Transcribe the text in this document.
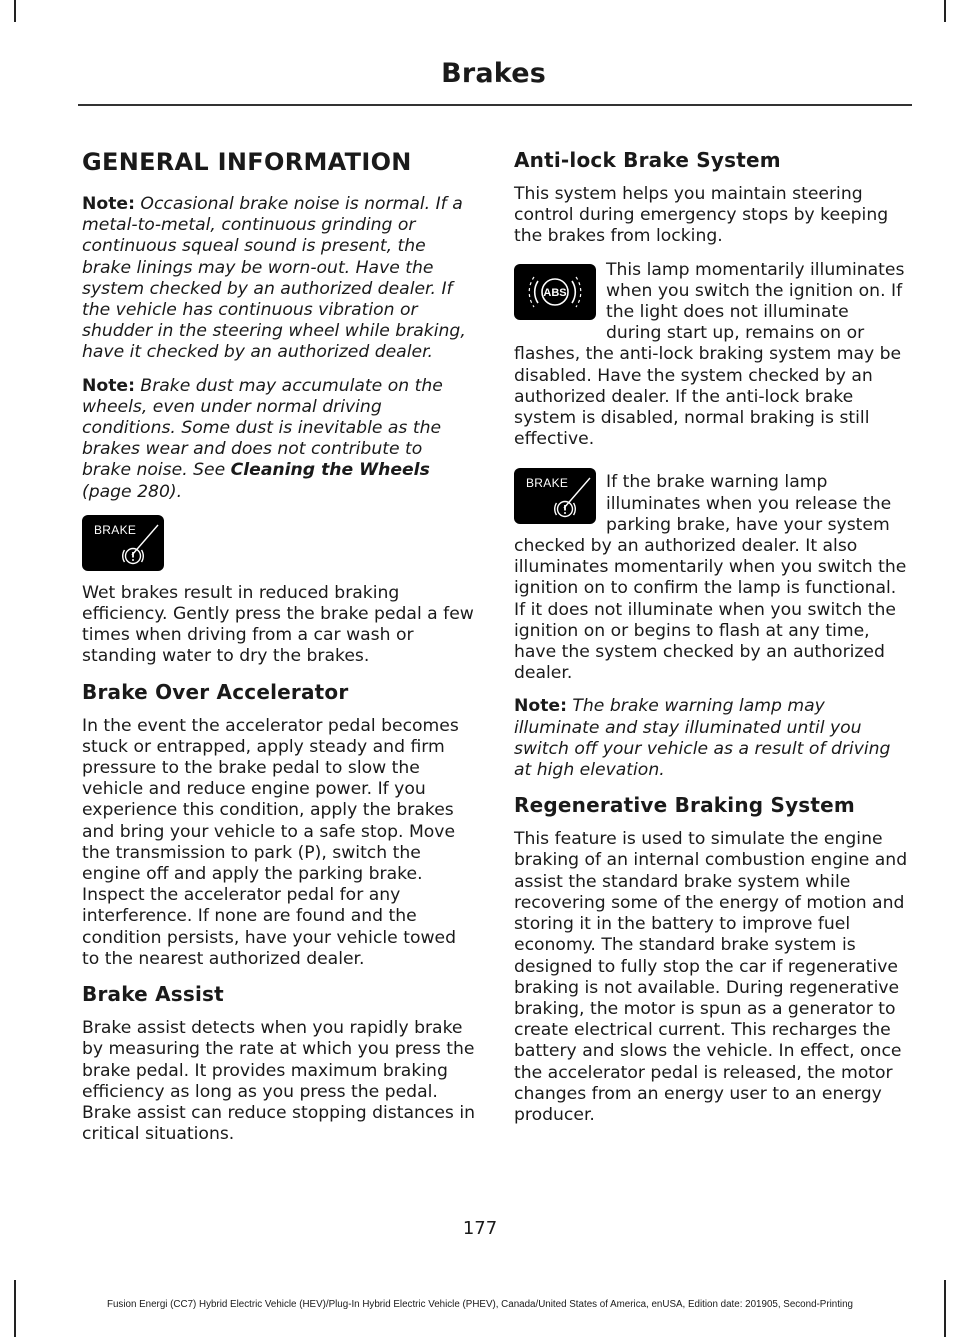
Brakes
GENERAL INFORMATION

Note: Occasional brake noise is normal. If a metal-to-metal, continuous grinding or continuous squeal sound is present, the brake linings may be worn-out. Have the system checked by an authorized dealer. If the vehicle has continuous vibration or shudder in the steering wheel while braking, have it checked by an authorized dealer.

Note: Brake dust may accumulate on the wheels, even under normal driving conditions. Some dust is inevitable as the brakes wear and does not contribute to brake noise. See Cleaning the Wheels (page 280).

BRAKE

Wet brakes result in reduced braking efficiency. Gently press the brake pedal a few times when driving from a car wash or standing water to dry the brakes.

Brake Over Accelerator

In the event the accelerator pedal becomes stuck or entrapped, apply steady and firm pressure to the brake pedal to slow the vehicle and reduce engine power. If you experience this condition, apply the brakes and bring your vehicle to a safe stop. Move the transmission to park (P), switch the engine off and apply the parking brake. Inspect the accelerator pedal for any interference. If none are found and the condition persists, have your vehicle towed to the nearest authorized dealer.

Brake Assist

Brake assist detects when you rapidly brake by measuring the rate at which you press the brake pedal. It provides maximum braking efficiency as long as you press the pedal. Brake assist can reduce stopping distances in critical situations.

Anti-lock Brake System

This system helps you maintain steering control during emergency stops by keeping the brakes from locking.

ABS

This lamp momentarily illuminates when you switch the ignition on. If the light does not illuminate during start up, remains on or flashes, the anti-lock braking system may be disabled. Have the system checked by an authorized dealer. If the anti-lock brake system is disabled, normal braking is still effective.

BRAKE	If the brake warning lamp illuminates when you release the parking brake, have your system checked by an authorized dealer. It also illuminates momentarily when you switch the ignition on to confirm the lamp is functional. If it does not illuminate when you switch the ignition on or begins to flash at any time, have the system checked by an authorized dealer.

Note: The brake warning lamp may illuminate and stay illuminated until you switch off your vehicle as a result of driving at high elevation.

Regenerative Braking System

This feature is used to simulate the engine braking of an internal combustion engine and assist the standard brake system while recovering some of the energy of motion and storing it in the battery to improve fuel economy. The standard brake system is designed to fully stop the car if regenerative braking is not available. During regenerative braking, the motor is spun as a generator to create electrical current. This recharges the battery and slows the vehicle. In effect, once the accelerator pedal is released, the motor changes from an energy user to an energy producer.

177
Fusion Energi (CC7) Hybrid Electric Vehicle (HEV)/Plug-In Hybrid Electric Vehicle (PHEV), Canada/United States of America, enUSA, Edition date: 201905, Second-Printing
